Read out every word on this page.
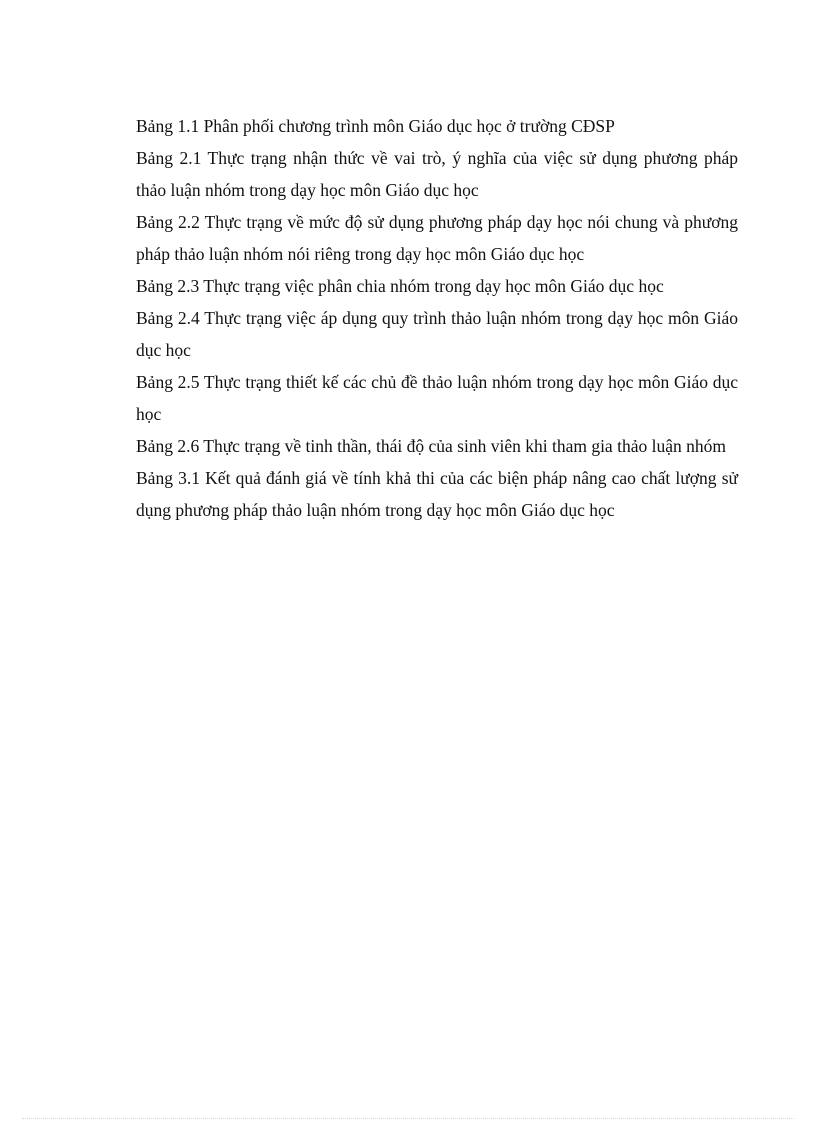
Bảng 1.1 Phân phối chương trình môn Giáo dục học ở trường CĐSP

Bảng 2.1 Thực trạng nhận thức về vai trò, ý nghĩa của việc sử dụng phương pháp thảo luận nhóm trong dạy học môn Giáo dục học

Bảng 2.2 Thực trạng về mức độ sử dụng phương pháp dạy học nói chung và phương pháp thảo luận nhóm nói riêng trong dạy học môn Giáo dục học

Bảng 2.3 Thực trạng việc phân chia nhóm trong dạy học môn Giáo dục học

Bảng 2.4 Thực trạng việc áp dụng quy trình thảo luận nhóm trong dạy học môn Giáo dục học

Bảng 2.5 Thực trạng thiết kế các chủ đề thảo luận nhóm trong dạy học môn Giáo dục học

Bảng 2.6 Thực trạng về tinh thần, thái độ của sinh viên khi tham gia thảo luận nhóm

Bảng 3.1 Kết quả đánh giá về tính khả thi của các biện pháp nâng cao chất lượng sử dụng phương pháp thảo luận nhóm trong dạy học môn Giáo dục học
